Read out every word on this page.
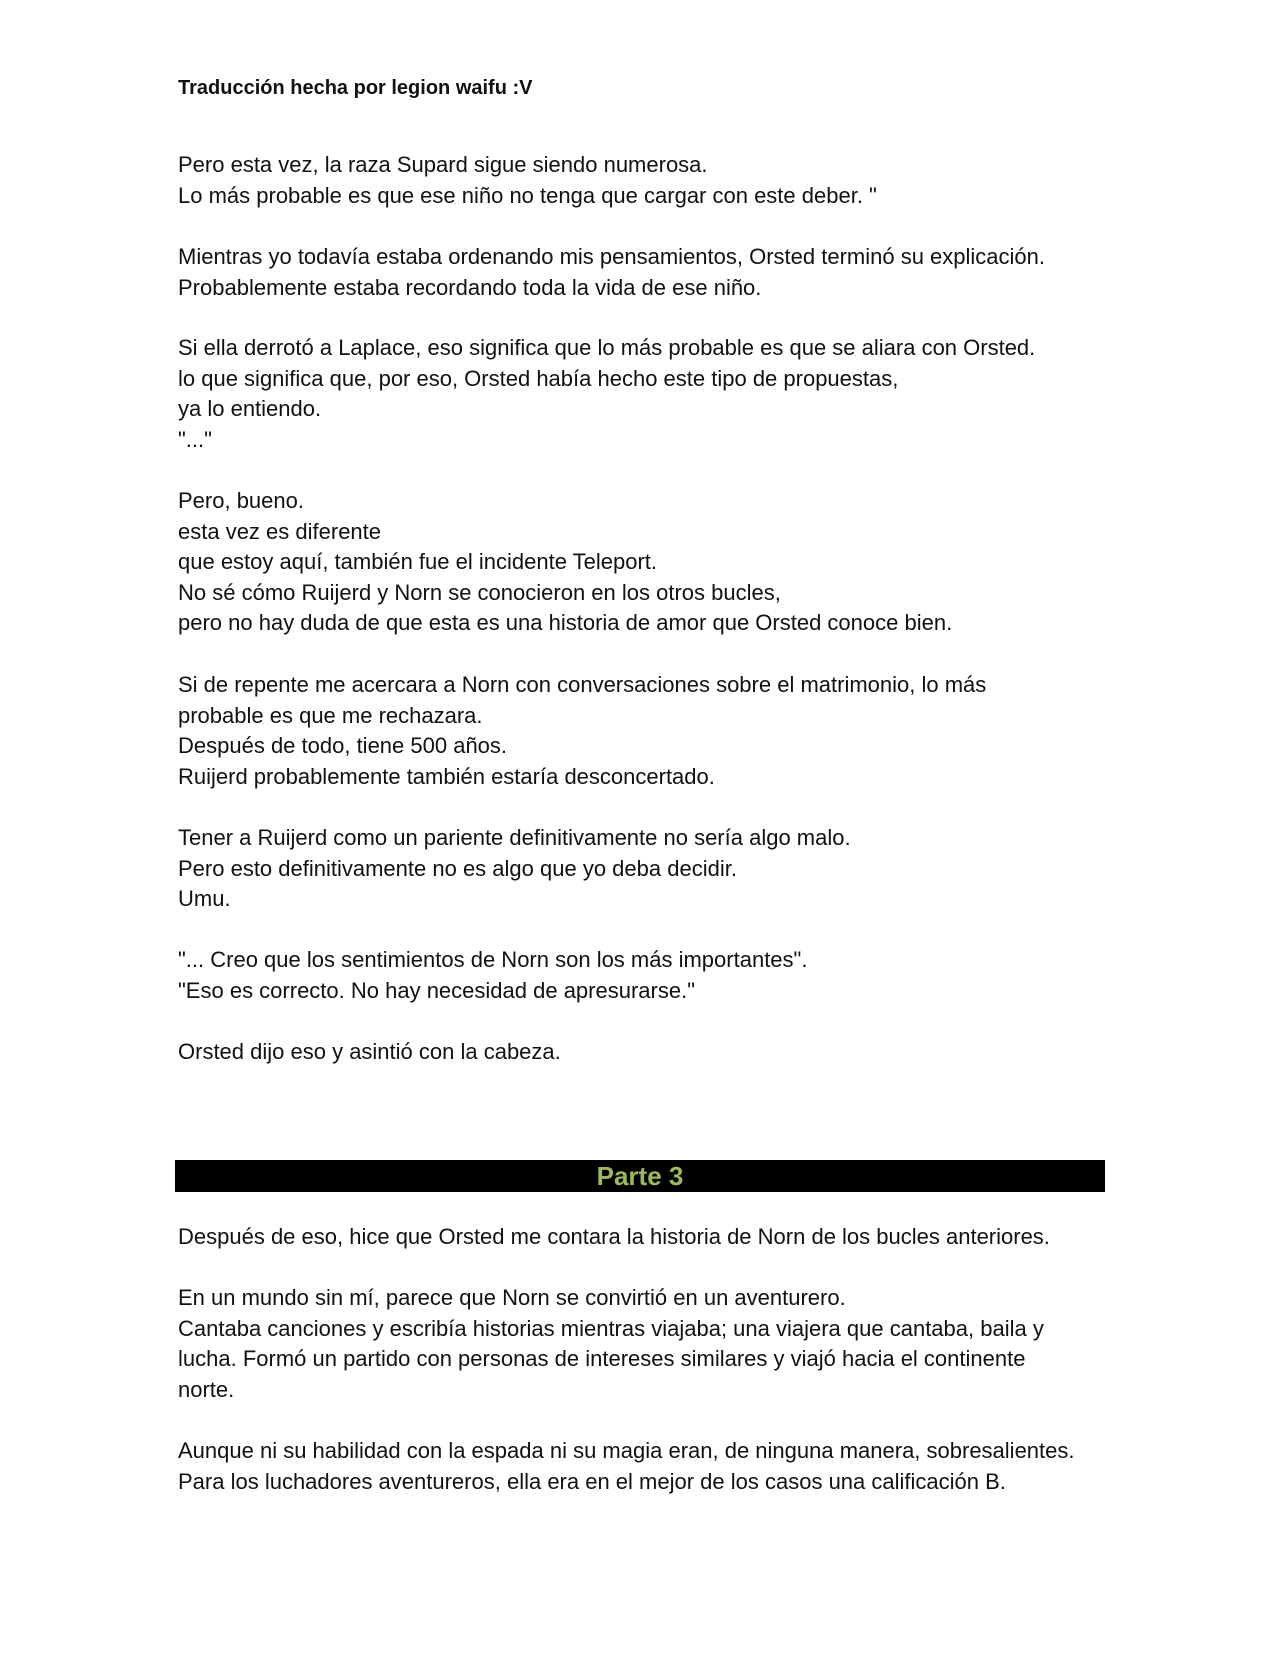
Traducción hecha por legion waifu :V
Pero esta vez, la raza Supard sigue siendo numerosa.
Lo más probable es que ese niño no tenga que cargar con este deber. "
Mientras yo todavía estaba ordenando mis pensamientos, Orsted terminó su explicación.
Probablemente estaba recordando toda la vida de ese niño.
Si ella derrotó a Laplace, eso significa que lo más probable es que se aliara con Orsted.
lo que significa que, por eso, Orsted había hecho este tipo de propuestas,
ya lo entiendo.
"..."
Pero, bueno.
esta vez es diferente
que estoy aquí, también fue el incidente Teleport.
No sé cómo Ruijerd y Norn se conocieron en los otros bucles,
pero no hay duda de que esta es una historia de amor que Orsted conoce bien.
Si de repente me acercara a Norn con conversaciones sobre el matrimonio, lo más
probable es que me rechazara.
Después de todo, tiene 500 años.
Ruijerd probablemente también estaría desconcertado.
Tener a Ruijerd como un pariente definitivamente no sería algo malo.
Pero esto definitivamente no es algo que yo deba decidir.
Umu.
"... Creo que los sentimientos de Norn son los más importantes".
"Eso es correcto. No hay necesidad de apresurarse."
Orsted dijo eso y asintió con la cabeza.
Parte 3
Después de eso, hice que Orsted me contara la historia de Norn de los bucles anteriores.
En un mundo sin mí, parece que Norn se convirtió en un aventurero.
Cantaba canciones y escribía historias mientras viajaba; una viajera que cantaba, baila y
lucha. Formó un partido con personas de intereses similares y viajó hacia el continente
norte.
Aunque ni su habilidad con la espada ni su magia eran, de ninguna manera, sobresalientes.
Para los luchadores aventureros, ella era en el mejor de los casos una calificación B.
